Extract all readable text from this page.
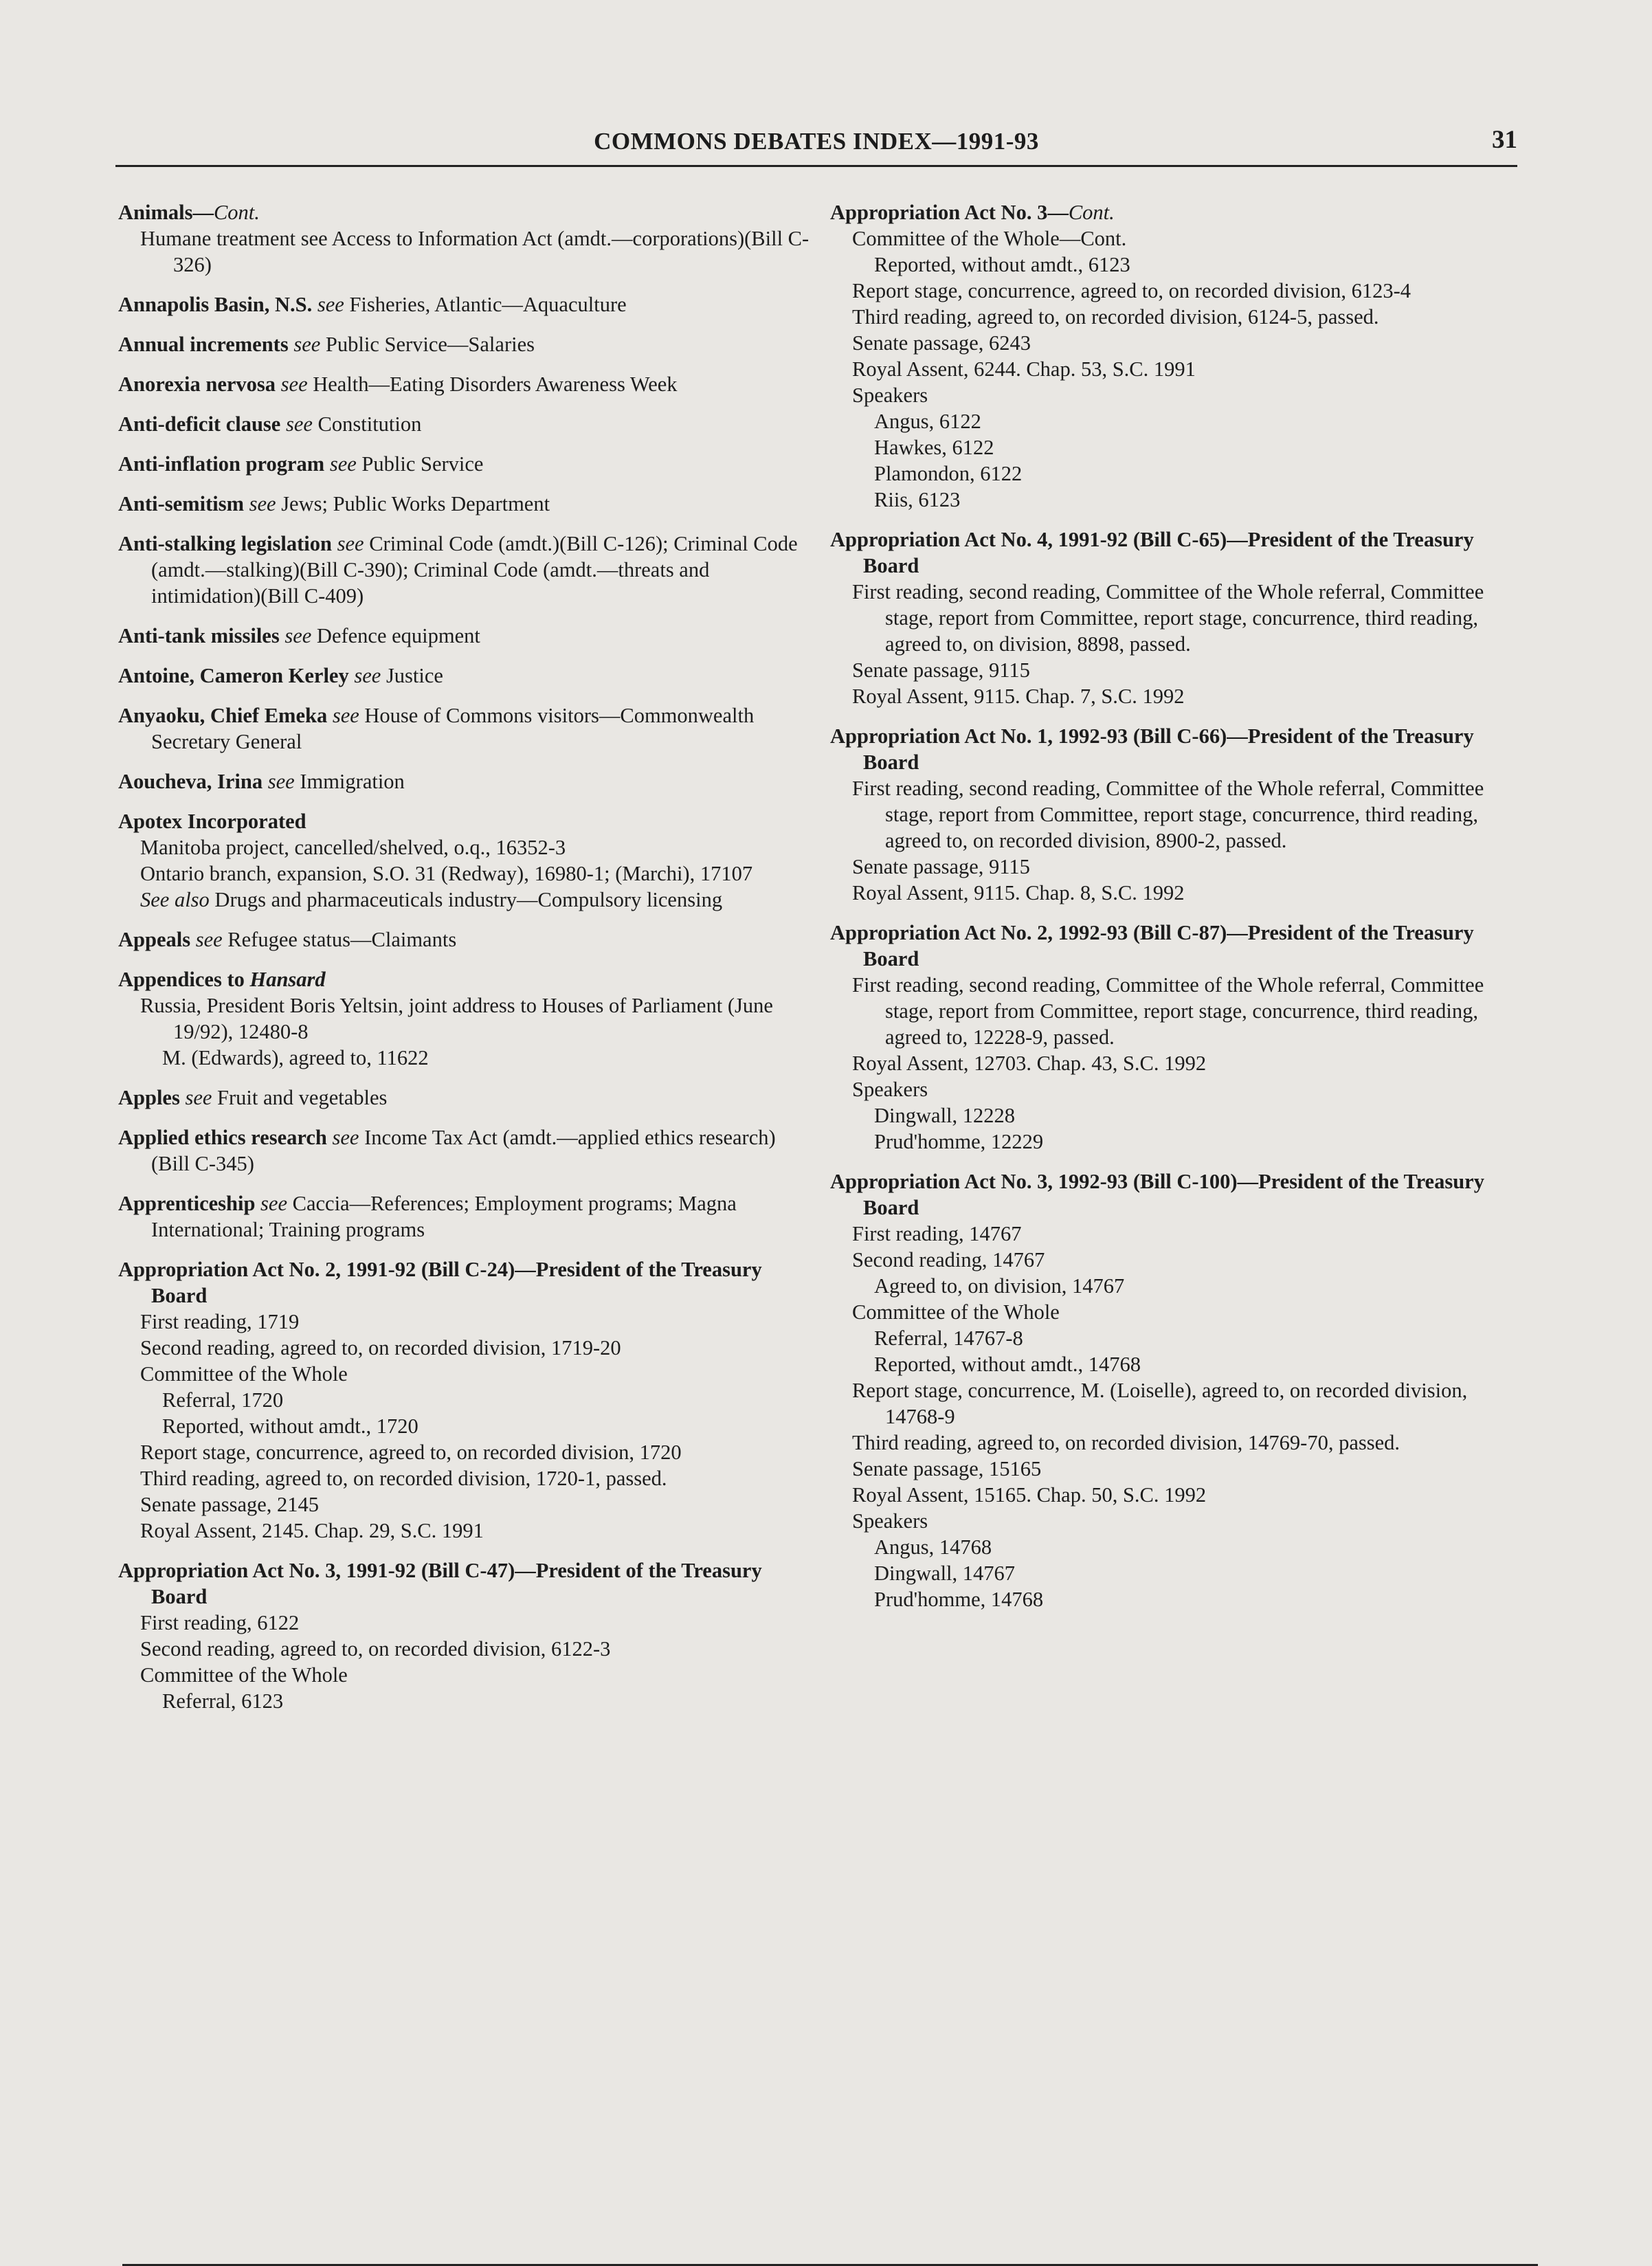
COMMONS DEBATES INDEX—1991-93	31
Animals—Cont.
Humane treatment see Access to Information Act (amdt.—corporations)(Bill C-326)
Annapolis Basin, N.S. see Fisheries, Atlantic—Aquaculture
Annual increments see Public Service—Salaries
Anorexia nervosa see Health—Eating Disorders Awareness Week
Anti-deficit clause see Constitution
Anti-inflation program see Public Service
Anti-semitism see Jews; Public Works Department
Anti-stalking legislation see Criminal Code (amdt.)(Bill C-126); Criminal Code (amdt.—stalking)(Bill C-390); Criminal Code (amdt.—threats and intimidation)(Bill C-409)
Anti-tank missiles see Defence equipment
Antoine, Cameron Kerley see Justice
Anyaoku, Chief Emeka see House of Commons visitors—Commonwealth Secretary General
Aoucheva, Irina see Immigration
Apotex Incorporated
Manitoba project, cancelled/shelved, o.q., 16352-3
Ontario branch, expansion, S.O. 31 (Redway), 16980-1; (Marchi), 17107
See also Drugs and pharmaceuticals industry—Compulsory licensing
Appeals see Refugee status—Claimants
Appendices to Hansard
Russia, President Boris Yeltsin, joint address to Houses of Parliament (June 19/92), 12480-8
M. (Edwards), agreed to, 11622
Apples see Fruit and vegetables
Applied ethics research see Income Tax Act (amdt.—applied ethics research)(Bill C-345)
Apprenticeship see Caccia—References; Employment programs; Magna International; Training programs
Appropriation Act No. 2, 1991-92 (Bill C-24)—President of the Treasury Board
First reading, 1719
Second reading, agreed to, on recorded division, 1719-20
Committee of the Whole
Referral, 1720
Reported, without amdt., 1720
Report stage, concurrence, agreed to, on recorded division, 1720
Third reading, agreed to, on recorded division, 1720-1, passed.
Senate passage, 2145
Royal Assent, 2145. Chap. 29, S.C. 1991
Appropriation Act No. 3, 1991-92 (Bill C-47)—President of the Treasury Board
First reading, 6122
Second reading, agreed to, on recorded division, 6122-3
Committee of the Whole
Referral, 6123
Appropriation Act No. 3—Cont.
Committee of the Whole—Cont.
Reported, without amdt., 6123
Report stage, concurrence, agreed to, on recorded division, 6123-4
Third reading, agreed to, on recorded division, 6124-5, passed.
Senate passage, 6243
Royal Assent, 6244. Chap. 53, S.C. 1991
Speakers
Angus, 6122
Hawkes, 6122
Plamondon, 6122
Riis, 6123
Appropriation Act No. 4, 1991-92 (Bill C-65)—President of the Treasury Board
First reading, second reading, Committee of the Whole referral, Committee stage, report from Committee, report stage, concurrence, third reading, agreed to, on division, 8898, passed.
Senate passage, 9115
Royal Assent, 9115. Chap. 7, S.C. 1992
Appropriation Act No. 1, 1992-93 (Bill C-66)—President of the Treasury Board
First reading, second reading, Committee of the Whole referral, Committee stage, report from Committee, report stage, concurrence, third reading, agreed to, on recorded division, 8900-2, passed.
Senate passage, 9115
Royal Assent, 9115. Chap. 8, S.C. 1992
Appropriation Act No. 2, 1992-93 (Bill C-87)—President of the Treasury Board
First reading, second reading, Committee of the Whole referral, Committee stage, report from Committee, report stage, concurrence, third reading, agreed to, 12228-9, passed.
Royal Assent, 12703. Chap. 43, S.C. 1992
Speakers
Dingwall, 12228
Prud'homme, 12229
Appropriation Act No. 3, 1992-93 (Bill C-100)—President of the Treasury Board
First reading, 14767
Second reading, 14767
Agreed to, on division, 14767
Committee of the Whole
Referral, 14767-8
Reported, without amdt., 14768
Report stage, concurrence, M. (Loiselle), agreed to, on recorded division, 14768-9
Third reading, agreed to, on recorded division, 14769-70, passed.
Senate passage, 15165
Royal Assent, 15165. Chap. 50, S.C. 1992
Speakers
Angus, 14768
Dingwall, 14767
Prud'homme, 14768
